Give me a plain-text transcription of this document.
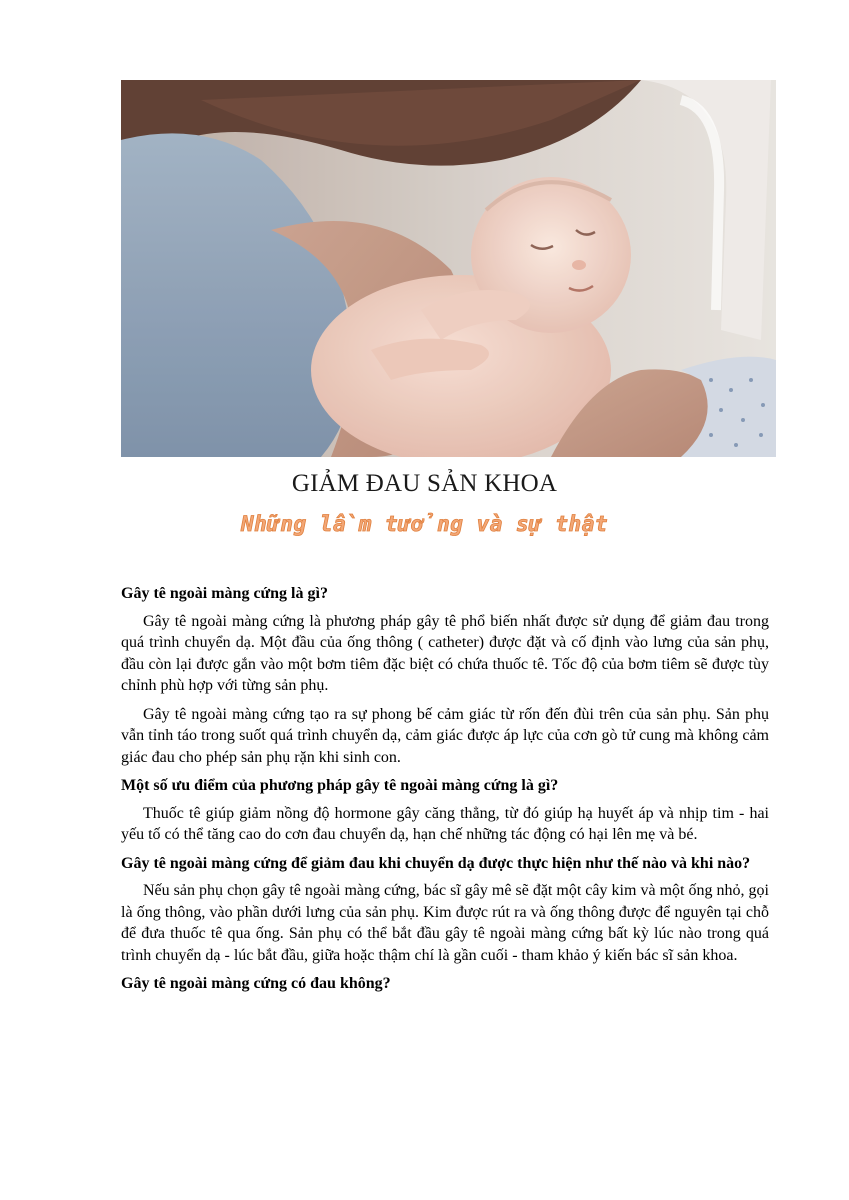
GIẢM ĐAU SẢN KHOA
Những lầm tưởng và sự thật
Gây tê ngoài màng cứng là gì?

Gây tê ngoài màng cứng là phương pháp gây tê phổ biến nhất được sử dụng để giảm đau trong quá trình chuyển dạ. Một đầu của ống thông ( catheter) được đặt và cố định vào lưng của sản phụ, đầu còn lại được gắn vào một bơm tiêm đặc biệt có chứa thuốc tê. Tốc độ của bơm tiêm sẽ được tùy chỉnh phù hợp với từng sản phụ.

Gây tê ngoài màng cứng tạo ra sự phong bế cảm giác từ rốn đến đùi trên của sản phụ. Sản phụ vẫn tỉnh táo trong suốt quá trình chuyển dạ, cảm giác được áp lực của cơn gò tử cung mà không cảm giác đau cho phép sản phụ rặn khi sinh con.

Một số ưu điểm của phương pháp gây tê ngoài màng cứng là gì?

Thuốc tê giúp giảm nồng độ hormone gây căng thẳng, từ đó giúp hạ huyết áp và nhịp tim - hai yếu tố có thể tăng cao do cơn đau chuyển dạ, hạn chế những tác động có hại lên mẹ và bé.

Gây tê ngoài màng cứng để giảm đau khi chuyển dạ được thực hiện như thế nào và khi nào?

Nếu sản phụ chọn gây tê ngoài màng cứng, bác sĩ gây mê sẽ đặt một cây kim và một ống nhỏ, gọi là ống thông, vào phần dưới lưng của sản phụ. Kim được rút ra và ống thông được để nguyên tại chỗ để đưa thuốc tê qua ống. Sản phụ có thể bắt đầu gây tê ngoài màng cứng bất kỳ lúc nào trong quá trình chuyển dạ - lúc bắt đầu, giữa hoặc thậm chí là gần cuối - tham khảo ý kiến bác sĩ sản khoa.

Gây tê ngoài màng cứng có đau không?
